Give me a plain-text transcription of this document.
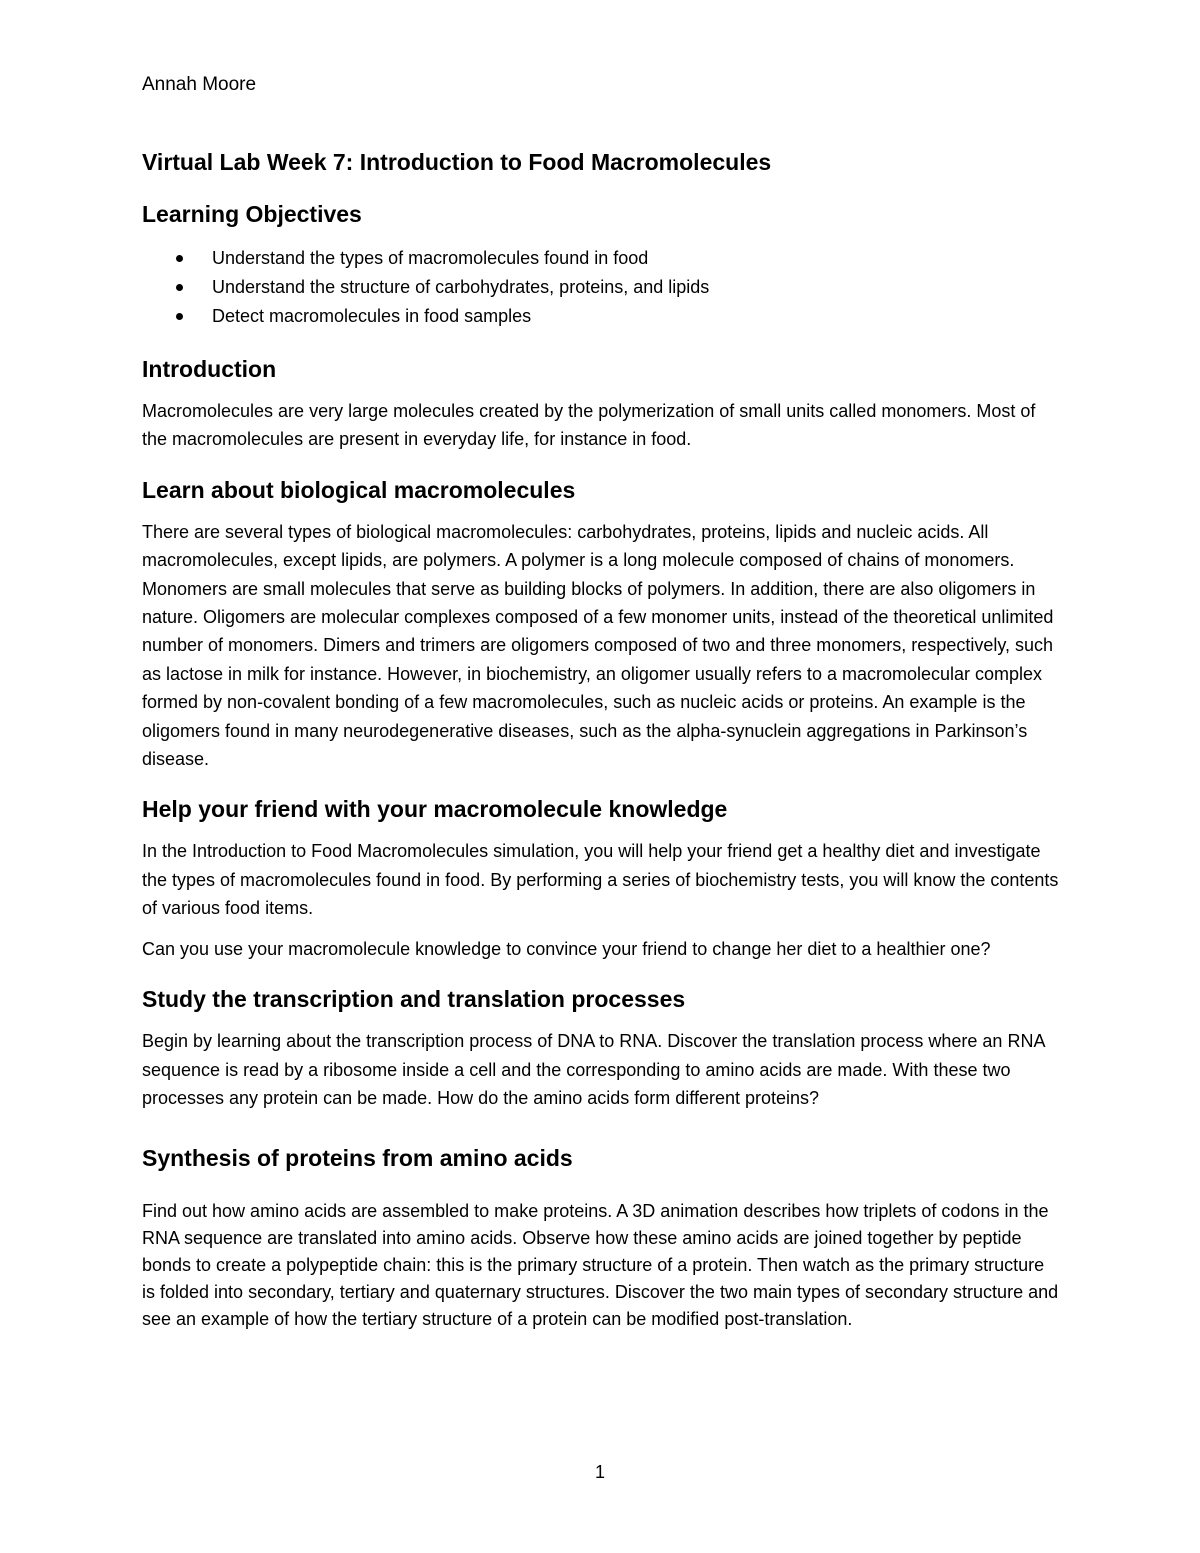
Annah Moore

Virtual Lab Week 7: Introduction to Food Macromolecules
Learning Objectives
Understand the types of macromolecules found in food
Understand the structure of carbohydrates, proteins, and lipids
Detect macromolecules in food samples
Introduction

Macromolecules are very large molecules created by the polymerization of small units called monomers. Most of the macromolecules are present in everyday life, for instance in food.

Learn about biological macromolecules

There are several types of biological macromolecules: carbohydrates, proteins, lipids and nucleic acids. All macromolecules, except lipids, are polymers. A polymer is a long molecule composed of chains of monomers. Monomers are small molecules that serve as building blocks of polymers. In addition, there are also oligomers in nature. Oligomers are molecular complexes composed of a few monomer units, instead of the theoretical unlimited number of monomers. Dimers and trimers are oligomers composed of two and three monomers, respectively, such as lactose in milk for instance. However, in biochemistry, an oligomer usually refers to a macromolecular complex formed by non-covalent bonding of a few macromolecules, such as nucleic acids or proteins. An example is the oligomers found in many neurodegenerative diseases, such as the alpha-synuclein aggregations in Parkinson’s disease.

Help your friend with your macromolecule knowledge

In the Introduction to Food Macromolecules simulation, you will help your friend get a healthy diet and investigate the types of macromolecules found in food. By performing a series of biochemistry tests, you will know the contents of various food items.

Can you use your macromolecule knowledge to convince your friend to change her diet to a healthier one?

Study the transcription and translation processes

Begin by learning about the transcription process of DNA to RNA. Discover the translation process where an RNA sequence is read by a ribosome inside a cell and the corresponding to amino acids are made. With these two processes any protein can be made. How do the amino acids form different proteins?

Synthesis of proteins from amino acids

Find out how amino acids are assembled to make proteins. A 3D animation describes how triplets of codons in the RNA sequence are translated into amino acids. Observe how these amino acids are joined together by peptide bonds to create a polypeptide chain: this is the primary structure of a protein. Then watch as the primary structure is folded into secondary, tertiary and quaternary structures. Discover the two main types of secondary structure and see an example of how the tertiary structure of a protein can be modified post-translation.

1
